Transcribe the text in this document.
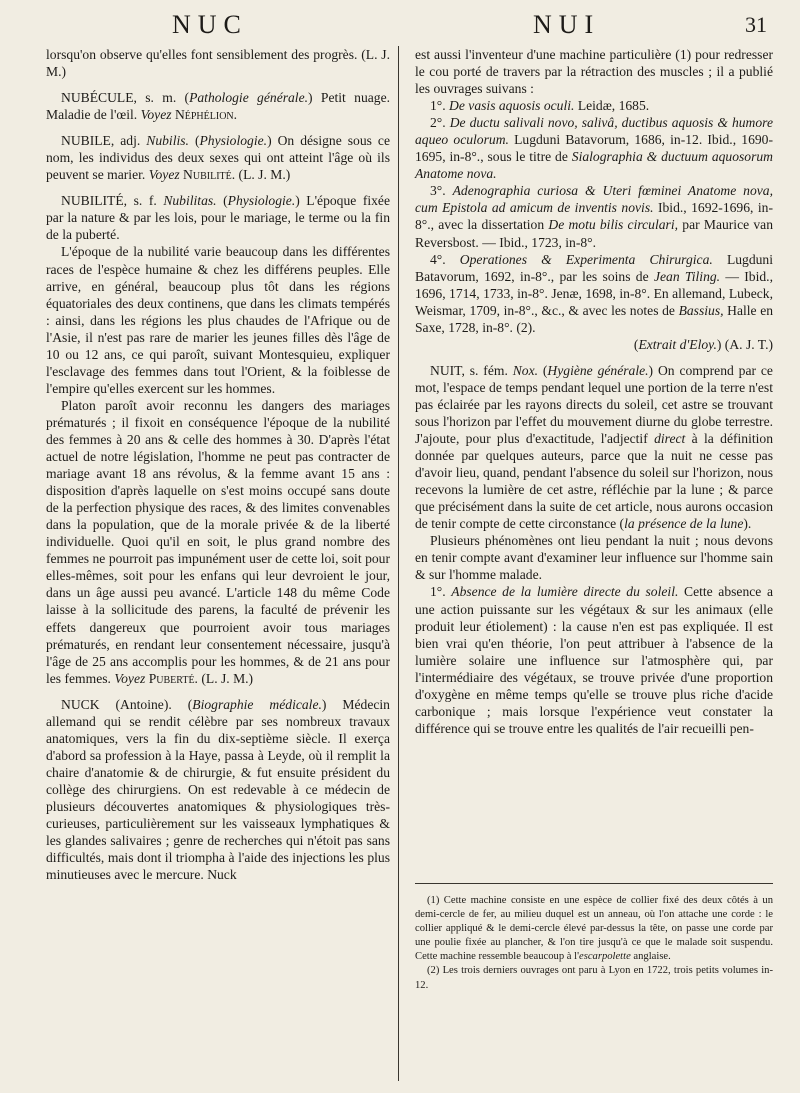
NUC	NUI	31

lorsqu'on observe qu'elles font sensiblement des progrès. (L. J. M.)

NUBÉCULE, s. m. (Pathologie générale.) Petit nuage. Maladie de l'œil. Voyez Néphélion.

NUBILE, adj. Nubilis. (Physiologie.) On désigne sous ce nom, les individus des deux sexes qui ont atteint l'âge où ils peuvent se marier. Voyez Nubilité. (L. J. M.)

NUBILITÉ, s. f. Nubilitas. (Physiologie.) L'époque fixée par la nature & par les lois, pour le mariage, le terme ou la fin de la puberté.

L'époque de la nubilité varie beaucoup dans les différentes races de l'espèce humaine & chez les différens peuples. Elle arrive, en général, beaucoup plus tôt dans les régions équatoriales des deux continens, que dans les climats tempérés : ainsi, dans les régions les plus chaudes de l'Afrique ou de l'Asie, il n'est pas rare de marier les jeunes filles dès l'âge de 10 ou 12 ans, ce qui paroît, suivant Montesquieu, expliquer l'esclavage des femmes dans tout l'Orient, & la foiblesse de l'empire qu'elles exercent sur les hommes.

Platon paroît avoir reconnu les dangers des mariages prématurés ; il fixoit en conséquence l'époque de la nubilité des femmes à 20 ans & celle des hommes à 30. D'après l'état actuel de notre législation, l'homme ne peut pas contracter de mariage avant 18 ans révolus, & la femme avant 15 ans : disposition d'après laquelle on s'est moins occupé sans doute de la perfection physique des races, & des limites convenables dans la population, que de la morale privée & de la liberté individuelle. Quoi qu'il en soit, le plus grand nombre des femmes ne pourroit pas impunément user de cette loi, soit pour elles-mêmes, soit pour les enfans qui leur devroient le jour, dans un âge aussi peu avancé. L'article 148 du même Code laisse à la sollicitude des parens, la faculté de prévenir les effets dangereux que pourroient avoir tous mariages prématurés, en rendant leur consentement nécessaire, jusqu'à l'âge de 25 ans accomplis pour les hommes, & de 21 ans pour les femmes. Voyez Puberté. (L. J. M.)

NUCK (Antoine). (Biographie médicale.) Médecin allemand qui se rendit célèbre par ses nombreux travaux anatomiques, vers la fin du dix-septième siècle. Il exerça d'abord sa profession à la Haye, passa à Leyde, où il remplit la chaire d'anatomie & de chirurgie, & fut ensuite président du collège des chirurgiens. On est redevable à ce médecin de plusieurs découvertes anatomiques & physiologiques très-curieuses, particulièrement sur les vaisseaux lymphatiques & les glandes salivaires ; genre de recherches qui n'étoit pas sans difficultés, mais dont il triompha à l'aide des injections les plus minutieuses avec le mercure. Nuck

est aussi l'inventeur d'une machine particulière (1) pour redresser le cou porté de travers par la rétraction des muscles ; il a publié les ouvrages suivans :

1°. De vasis aquosis oculi. Leidæ, 1685.

2°. De ductu salivali novo, salivâ, ductibus aquosis & humore aqueo oculorum. Lugduni Batavorum, 1686, in-12. Ibid., 1690-1695, in-8°., sous le titre de Sialographia & ductuum aquosorum Anatome nova.

3°. Adenographia curiosa & Uteri fœminei Anatome nova, cum Epistola ad amicum de inventis novis. Ibid., 1692-1696, in-8°., avec la dissertation De motu bilis circulari, par Maurice van Reversbost. — Ibid., 1723, in-8°.

4°. Operationes & Experimenta Chirurgica. Lugduni Batavorum, 1692, in-8°., par les soins de Jean Tiling. — Ibid., 1696, 1714, 1733, in-8°. Jenæ, 1698, in-8°. En allemand, Lubeck, Weismar, 1709, in-8°., &c., & avec les notes de Bassius, Halle en Saxe, 1728, in-8°. (2).

(Extrait d'Eloy.) (A. J. T.)

NUIT, s. fém. Nox. (Hygiène générale.) On comprend par ce mot, l'espace de temps pendant lequel une portion de la terre n'est pas éclairée par les rayons directs du soleil, cet astre se trouvant sous l'horizon par l'effet du mouvement diurne du globe terrestre. J'ajoute, pour plus d'exactitude, l'adjectif direct à la définition donnée par quelques auteurs, parce que la nuit ne cesse pas d'avoir lieu, quand, pendant l'absence du soleil sur l'horizon, nous recevons la lumière de cet astre, réfléchie par la lune ; & parce que précisément dans la suite de cet article, nous aurons occasion de tenir compte de cette circonstance (la présence de la lune).

Plusieurs phénomènes ont lieu pendant la nuit ; nous devons en tenir compte avant d'examiner leur influence sur l'homme sain & sur l'homme malade.

1°. Absence de la lumière directe du soleil. Cette absence a une action puissante sur les végétaux & sur les animaux (elle produit leur étiolement) : la cause n'en est pas expliquée. Il est bien vrai qu'en théorie, l'on peut attribuer à l'absence de la lumière solaire une influence sur l'atmosphère qui, par l'intermédiaire des végétaux, se trouve privée d'une proportion d'oxygène en même temps qu'elle se trouve plus riche d'acide carbonique ; mais lorsque l'expérience veut constater la différence qui se trouve entre les qualités de l'air recueilli pen-

(1) Cette machine consiste en une espèce de collier fixé des deux côtés à un demi-cercle de fer, au milieu duquel est un anneau, où l'on attache une corde : le collier appliqué & le demi-cercle élevé par-dessus la tête, on passe une corde par une poulie fixée au plancher, & l'on tire jusqu'à ce que le malade soit suspendu. Cette machine ressemble beaucoup à l'escarpolette anglaise.

(2) Les trois derniers ouvrages ont paru à Lyon en 1722, trois petits volumes in-12.
